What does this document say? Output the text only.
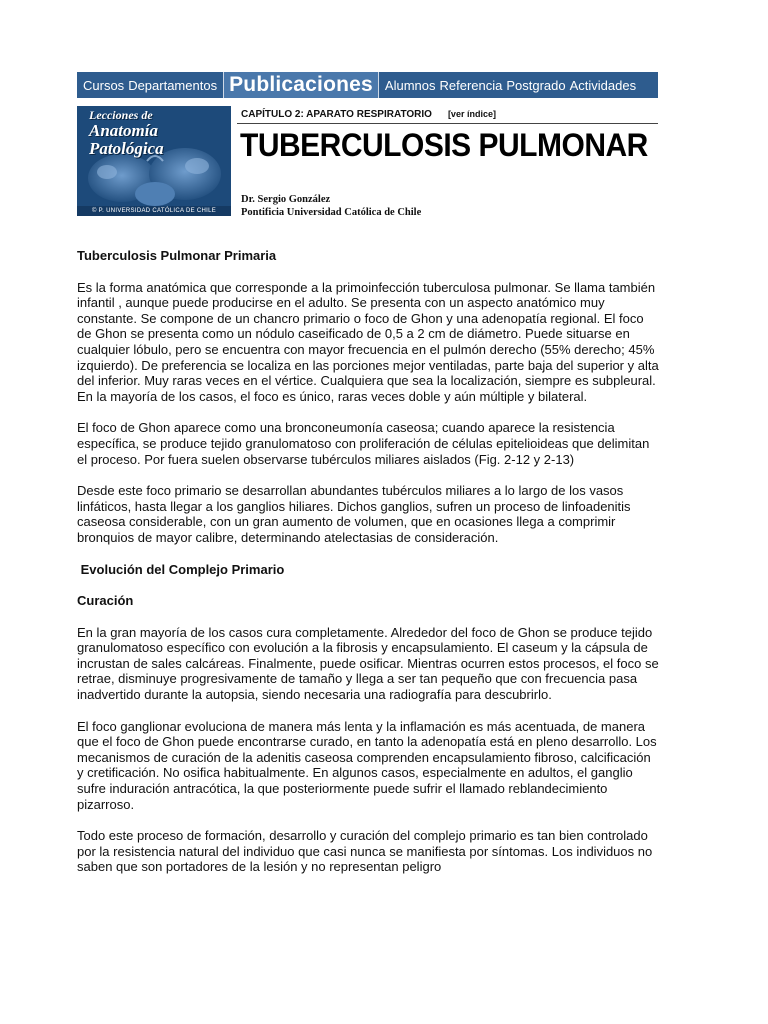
Cursos Departamentos Publicaciones Alumnos Referencia Postgrado Actividades
Lecciones de
Anatomía
Patológica
© P. UNIVERSIDAD CATÓLICA DE CHILE
CAPÍTULO 2: APARATO RESPIRATORIO [ver índice]
TUBERCULOSIS PULMONAR
Dr. Sergio González
Pontificia Universidad Católica de Chile
Tuberculosis Pulmonar Primaria

Es la forma anatómica que corresponde a la primoinfección tuberculosa pulmonar. Se llama también infantil , aunque puede producirse en el adulto. Se presenta con un aspecto anatómico muy constante. Se compone de un chancro primario o foco de Ghon y una adenopatía regional. El foco de Ghon se presenta como un nódulo caseificado de 0,5 a 2 cm de diámetro. Puede situarse en cualquier lóbulo, pero se encuentra con mayor frecuencia en el pulmón derecho (55% derecho; 45% izquierdo). De preferencia se localiza en las porciones mejor ventiladas, parte baja del superior y alta del inferior. Muy raras veces en el vértice. Cualquiera que sea la localización, siempre es subpleural. En la mayoría de los casos, el foco es único, raras veces doble y aún múltiple y bilateral.

El foco de Ghon aparece como una bronconeumonía caseosa; cuando aparece la resistencia específica, se produce tejido granulomatoso con proliferación de células epitelioideas que delimitan el proceso. Por fuera suelen observarse tubérculos miliares aislados (Fig. 2-12 y 2-13)

Desde este foco primario se desarrollan abundantes tubérculos miliares a lo largo de los vasos linfáticos, hasta llegar a los ganglios hiliares. Dichos ganglios, sufren un proceso de linfoadenitis caseosa considerable, con un gran aumento de volumen, que en ocasiones llega a comprimir bronquios de mayor calibre, determinando atelectasias de consideración.

Evolución del Complejo Primario
Curación

En la gran mayoría de los casos cura completamente. Alrededor del foco de Ghon se produce tejido granulomatoso específico con evolución a la fibrosis y encapsulamiento. El caseum y la cápsula de incrustan de sales calcáreas. Finalmente, puede osificar. Mientras ocurren estos procesos, el foco se retrae, disminuye progresivamente de tamaño y llega a ser tan pequeño que con frecuencia pasa inadvertido durante la autopsia, siendo necesaria una radiografía para descubrirlo.

El foco ganglionar evoluciona de manera más lenta y la inflamación es más acentuada, de manera que el foco de Ghon puede encontrarse curado, en tanto la adenopatía está en pleno desarrollo. Los mecanismos de curación de la adenitis caseosa comprenden encapsulamiento fibroso, calcificación y cretificación. No osifica habitualmente. En algunos casos, especialmente en adultos, el ganglio sufre induración antracótica, la que posteriormente puede sufrir el llamado reblandecimiento pizarroso.

Todo este proceso de formación, desarrollo y curación del complejo primario es tan bien controlado por la resistencia natural del individuo que casi nunca se manifiesta por síntomas. Los individuos no saben que son portadores de la lesión y no representan peligro
